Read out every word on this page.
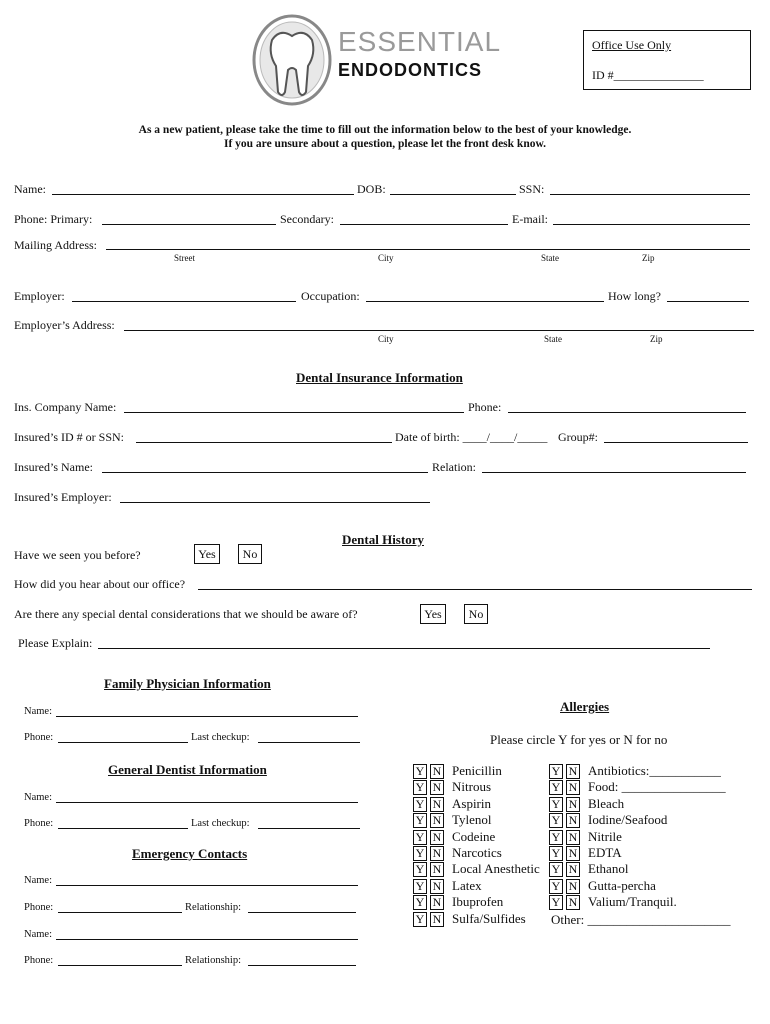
ESSENTIAL
ENDODONTICS
Office Use Only
ID #_______________
As a new patient, please take the time to fill out the information below to the best of your knowledge.
If you are unsure about a question, please let the front desk know.
Name:	DOB:	SSN:
Phone: Primary:	Secondary:	E-mail:
Mailing Address:
Street	City	State	Zip
Employer:	Occupation:	How long?
Employer’s Address:
City	State	Zip
Dental Insurance Information
Ins. Company Name:	Phone:
Insured’s ID # or SSN:	Date of birth: ____/____/_____ Group#:
Insured’s Name:	Relation:
Insured’s Employer:
Dental History
Have we seen you before?	Yes	No
How did you hear about our office?
Are there any special dental considerations that we should be aware of?	Yes	No
Please Explain:
Family Physician Information
Name:
Phone:	Last checkup:
General Dentist Information
Name:
Phone:	Last checkup:
Emergency Contacts
Name:
Phone:	Relationship:
Name:
Phone:	Relationship:
Allergies
Please circle Y for yes or N for no
Y N Penicillin
Y N Nitrous
Y N Aspirin
Y N Tylenol
Y N Codeine
Y N Narcotics
Y N Local Anesthetic
Y N Latex
Y N Ibuprofen
Y N Sulfa/Sulfides
Y N Antibiotics:___________
Y N Food: ________________
Y N Bleach
Y N Iodine/Seafood
Y N Nitrile
Y N EDTA
Y N Ethanol
Y N Gutta-percha
Y N Valium/Tranquil.
Other: ______________________
